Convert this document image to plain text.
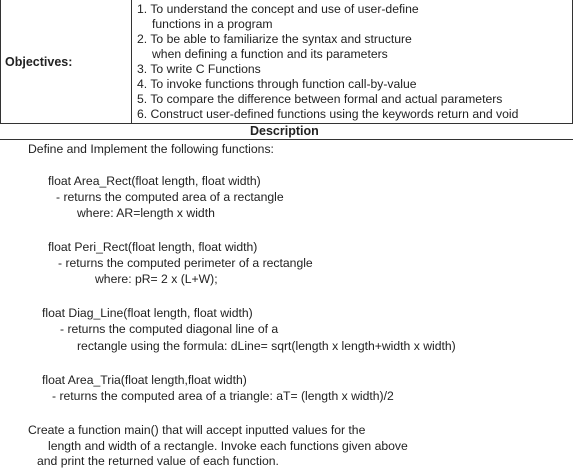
Objectives:
1. To understand the concept and use of user-define
functions in a program
2. To be able to familiarize the syntax and structure
when defining a function and its parameters
3. To write C Functions
4. To invoke functions through function call-by-value
5. To compare the difference between formal and actual parameters
6. Construct user-defined functions using the keywords return and void
Description
Define and Implement the following functions:
float Area_Rect(float length, float width)
- returns the computed area of a rectangle
where: AR=length x width
float Peri_Rect(float length, float width)
- returns the computed perimeter of a rectangle
where: pR= 2 x (L+W);
float Diag_Line(float length, float width)
- returns the computed diagonal line of a
rectangle using the formula: dLine= sqrt(length x length+width x width)
float Area_Tria(float length,float width)
- returns the computed area of a triangle: aT= (length x width)/2
Create a function main() that will accept inputted values for the
length and width of a rectangle. Invoke each functions given above
and print the returned value of each function.
